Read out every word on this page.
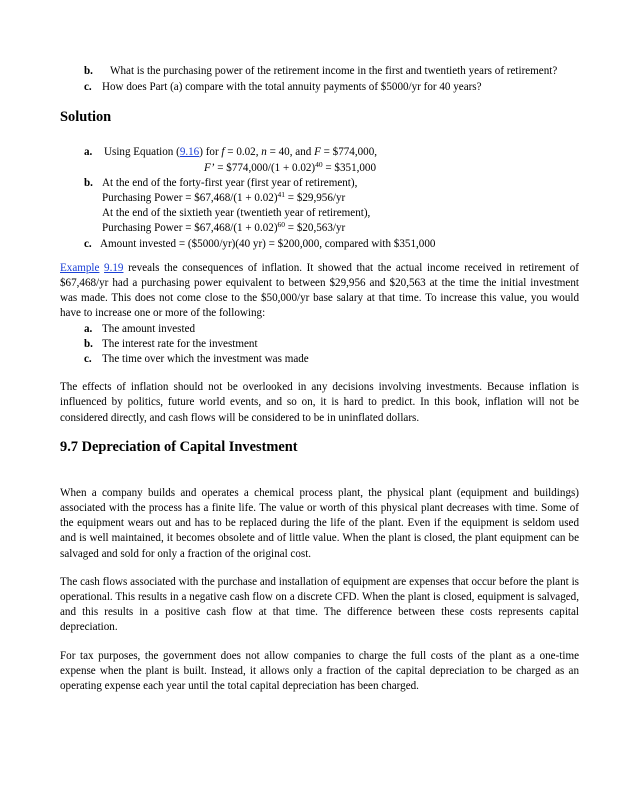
b.	What is the purchasing power of the retirement income in the first and twentieth years of retirement?
c. How does Part (a) compare with the total annuity payments of $5000/yr for 40 years?
Solution
a.	Using Equation (9.16) for f = 0.02, n = 40, and F = $774,000,
F’ = $774,000/(1 + 0.02)$^{40}$ = $351,000
b. At the end of the forty-first year (first year of retirement),
Purchasing Power = $67,468/(1 + 0.02)$^{41}$ = $29,956/yr
At the end of the sixtieth year (twentieth year of retirement),
Purchasing Power = $67,468/(1 + 0.02)$^{60}$ = $20,563/yr
c. Amount invested = ($5000/yr)(40 yr) = $200,000, compared with $351,000

Example 9.19 reveals the consequences of inflation. It showed that the actual income received in retirement of $67,468/yr had a purchasing power equivalent to between $29,956 and $20,563 at the time the initial investment was made. This does not come close to the $50,000/yr base salary at that time. To increase this value, you would have to increase one or more of the following:

a. The amount invested
b. The interest rate for the investment
c. The time over which the investment was made

The effects of inflation should not be overlooked in any decisions involving investments. Because inflation is influenced by politics, future world events, and so on, it is hard to predict. In this book, inflation will not be considered directly, and cash flows will be considered to be in uninflated dollars.

9.7 Depreciation of Capital Investment

When a company builds and operates a chemical process plant, the physical plant (equipment and buildings) associated with the process has a finite life. The value or worth of this physical plant decreases with time. Some of the equipment wears out and has to be replaced during the life of the plant. Even if the equipment is seldom used and is well maintained, it becomes obsolete and of little value. When the plant is closed, the plant equipment can be salvaged and sold for only a fraction of the original cost.

The cash flows associated with the purchase and installation of equipment are expenses that occur before the plant is operational. This results in a negative cash flow on a discrete CFD. When the plant is closed, equipment is salvaged, and this results in a positive cash flow at that time. The difference between these costs represents capital depreciation.

For tax purposes, the government does not allow companies to charge the full costs of the plant as a one-time expense when the plant is built. Instead, it allows only a fraction of the capital depreciation to be charged as an operating expense each year until the total capital depreciation has been charged.
